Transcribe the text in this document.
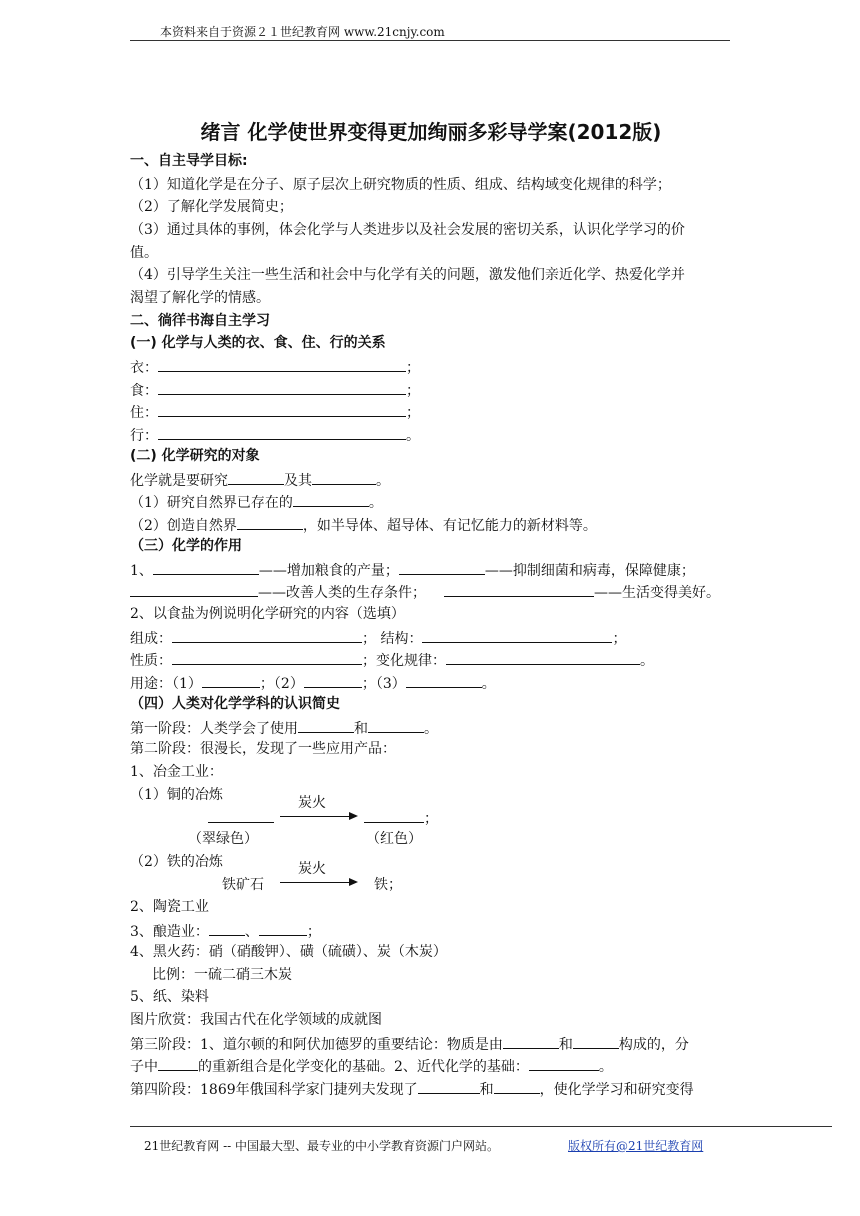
本资料来自于资源２１世纪教育网 www.21cnjy.com
绪言 化学使世界变得更加绚丽多彩导学案(2012版)
一、自主导学目标:
（1）知道化学是在分子、原子层次上研究物质的性质、组成、结构域变化规律的科学；
（2）了解化学发展简史；
（3）通过具体的事例，体会化学与人类进步以及社会发展的密切关系，认识化学学习的价
值。
（4）引导学生关注一些生活和社会中与化学有关的问题，激发他们亲近化学、热爱化学并
渴望了解化学的情感。
二、徜徉书海自主学习
(一) 化学与人类的衣、食、住、行的关系
衣：	；
食：	；
住：	；
行：	。
(二) 化学研究的对象
化学就是要研究	及其	。
（1）研究自然界已存在的	。
（2）创造自然界	，如半导体、超导体、有记忆能力的新材料等。
（三）化学的作用
1、	——增加粮食的产量；	——抑制细菌和病毒，保障健康；
——改善人类的生存条件；	——生活变得美好。
2、以食盐为例说明化学研究的内容（选填）
组成：	； 结构：	；
性质：	；变化规律：	。
用途：（1）	；（2）	；（3）	。
（四）人类对化学学科的认识简史
第一阶段：人类学会了使用	和	。
第二阶段：很漫长，发现了一些应用产品：
1、冶金工业：
（1）铜的冶炼	炭火
；
（翠绿色）	（红色）
（2）铁的冶炼	炭火
铁矿石	铁；
2、陶瓷工业
3、酿造业：	、	；
4、黑火药：硝（硝酸钾）、磺（硫磺）、炭（木炭）
比例：一硫二硝三木炭
5、纸、染料
图片欣赏：我国古代在化学领域的成就图
第三阶段：1、道尔顿的和阿伏加德罗的重要结论：物质是由	和	构成的，分
子中	的重新组合是化学变化的基础。2、近代化学的基础：	。
第四阶段：1869年俄国科学家门捷列夫发现了	和	，使化学学习和研究变得
21世纪教育网 -- 中国最大型、最专业的中小学教育资源门户网站。	版权所有@21世纪教育网
